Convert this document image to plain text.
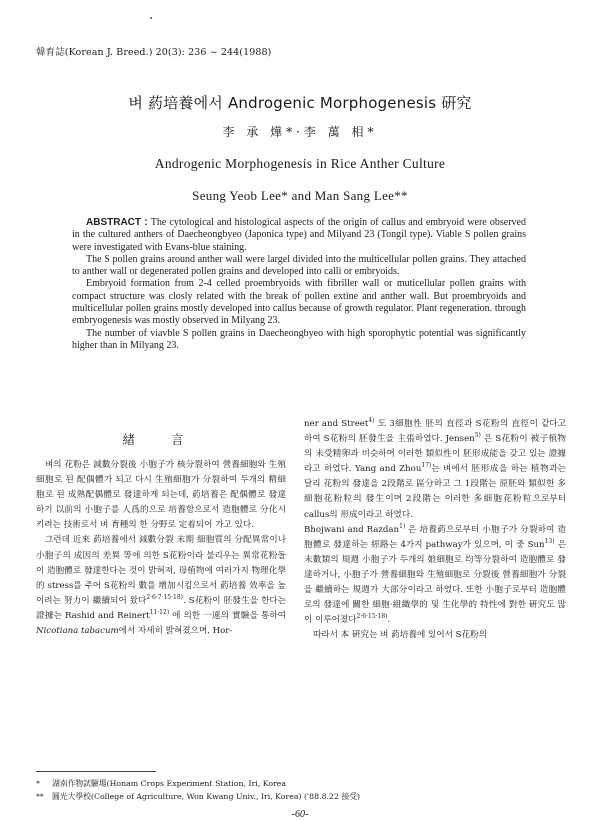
韓育誌(Korean J. Breed.) 20(3): 236 ~ 244(1988)
벼 葯培養에서 Androgenic Morphogenesis 硏究
李 承 燁*·李 萬 相*
Androgenic Morphogenesis in Rice Anther Culture
Seung Yeob Lee* and Man Sang Lee**

ABSTRACT : The cytological and histological aspects of the origin of callus and embryoid were observed in the cultured anthers of Daecheongbyeo (Japonica type) and Milyand 23 (Tongil type). Viable S pollen grains were investigated with Evans-blue staining.

The S pollen grains around anther wall were largel divided into the multicellular pollen grains. They attached to anther wall or degenerated pollen grains and developed into calli or embryoids.

Embryoid formation from 2-4 celled proembryoids with fibriller wall or muticellular pollen grains with compact structure was closly related with the break of pollen extine and anther wall. But proembryoids and multicellular pollen grains mostly developed into callus because of growth regulator. Plant regeneration. through embryogenesis was mostly observed in Milyang 23.

The number of viavble S pollen grains in Daecheongbyeo with high sporophytic potential was significantly higher than in Milyang 23.

緖 言

벼의 花粉은 減數分裂後 小胞子가 核分裂하여 營養細胞와 生殖細胞로 된 配偶體가 되고 다시 生殖細胞가 分裂하여 두개의 精細胞로 된 成熟配偶體로 發達하게 되는데, 葯培養은 配偶體로 發達하기 以前의 小胞子를 人爲的으로 培養함으로서 造胞體로 分化시키려는 技術로서 벼 育種의 한 分野로 定着되어 가고 있다.

그런데 近來 葯培養에서 減數分裂 末期 細胞質의 分配異常이나 小胞子의 成因의 差異 等에 의한 S花粉이라 불리우는 異常花粉들이 造胞體로 發達한다는 것이 밝혀져, 母植物에 여러가지 物理化學的 stress를 주어 S花粉의 數를 增加시킴으로서 葯培養 效率을 높이려는 努力이 繼續되어 왔다$^{2\cdot 6\cdot 7\cdot 15\cdot 18)}$. S花粉이 胚發生을 한다는 證據는 Rashid and Reinert$^{11\cdot 12)}$ 에 의한 一連의 實驗을 통하여 Nicotiana tabacum에서 자세히 밝혀졌으며, Hor-

ner and Street$^{4)}$ 도 3細胞性 胚의 直徑과 S花粉의 直徑이 같다고 하여 S花粉의 胚發生을 主張하였다. Jensen$^{5)}$ 은 S花粉이 被子植物의 未受精卵과 비슷하며 이러한 類似性이 胚形成能을 갖고 있는 證據라고 하였다. Yang and Zhou$^{17)}$는 벼에서 胚形成을 하는 植物과는 달리 花粉의 發達을 2段階로 區分하고 그 1段階는 原胚와 類似한 多細胞花粉粒의 發生이며 2段階는 이러한 多細胞花粉粒으로부터 callus의 形成이라고 하였다.

Bhojwani and Razdan$^{1)}$ 은 培養葯으로부터 小胞子가 分裂하여 造胞體로 發達하는 經路는 4가지 pathway가 있으며, 이 중 Sun$^{13)}$ 은 未數類의 規週 小胞子가 두개의 娘細胞로 均等分裂하여 造胞體로 發達하거나, 小胞子가 營養細胞와 生殖細胞로 分裂後 營養細胞가 分裂을 繼續하는 規週가 大部分이라고 하였다. 또한 小胞子로부터 造胞體로의 發達에 關한 細胞·組織學的 및 生化學的 特性에 對한 硏究도 많이 이루어졌다$^{2\cdot 6\cdot 15\cdot 18)}$.

따라서 本 硏究는 벼 葯培養에 있어서 S花粉의

* 湖南作物試驗場(Honam Crops Experiment Station, Iri, Korea
** 圓光大學校(College of Agriculture, Won Kwang Univ., Iri, Korea) ('88.8.22 接受)
-60-
